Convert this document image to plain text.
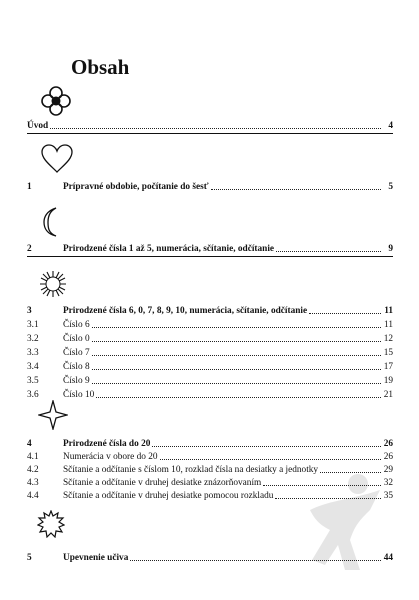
Obsah
Úvod	4
1	Prípravné obdobie, počítanie do šesť	5
2	Prirodzené čísla 1 až 5, numerácia, sčítanie, odčítanie	9
3	Prirodzené čísla 6, 0, 7, 8, 9, 10, numerácia, sčítanie, odčítanie	11
3.1	Číslo 6	11
3.2	Číslo 0	12
3.3	Číslo 7	15
3.4	Číslo 8	17
3.5	Číslo 9	19
3.6	Číslo 10	21
4	Prirodzené čísla do 20	26
4.1	Numerácia v obore do 20	26
4.2	Sčítanie a odčítanie s číslom 10, rozklad čísla na desiatky a jednotky	29
4.3	Sčítanie a odčítanie v druhej desiatke znázorňovaním	32
4.4	Sčítanie a odčítanie v druhej desiatke pomocou rozkladu	35
5	Upevnenie učiva	44
